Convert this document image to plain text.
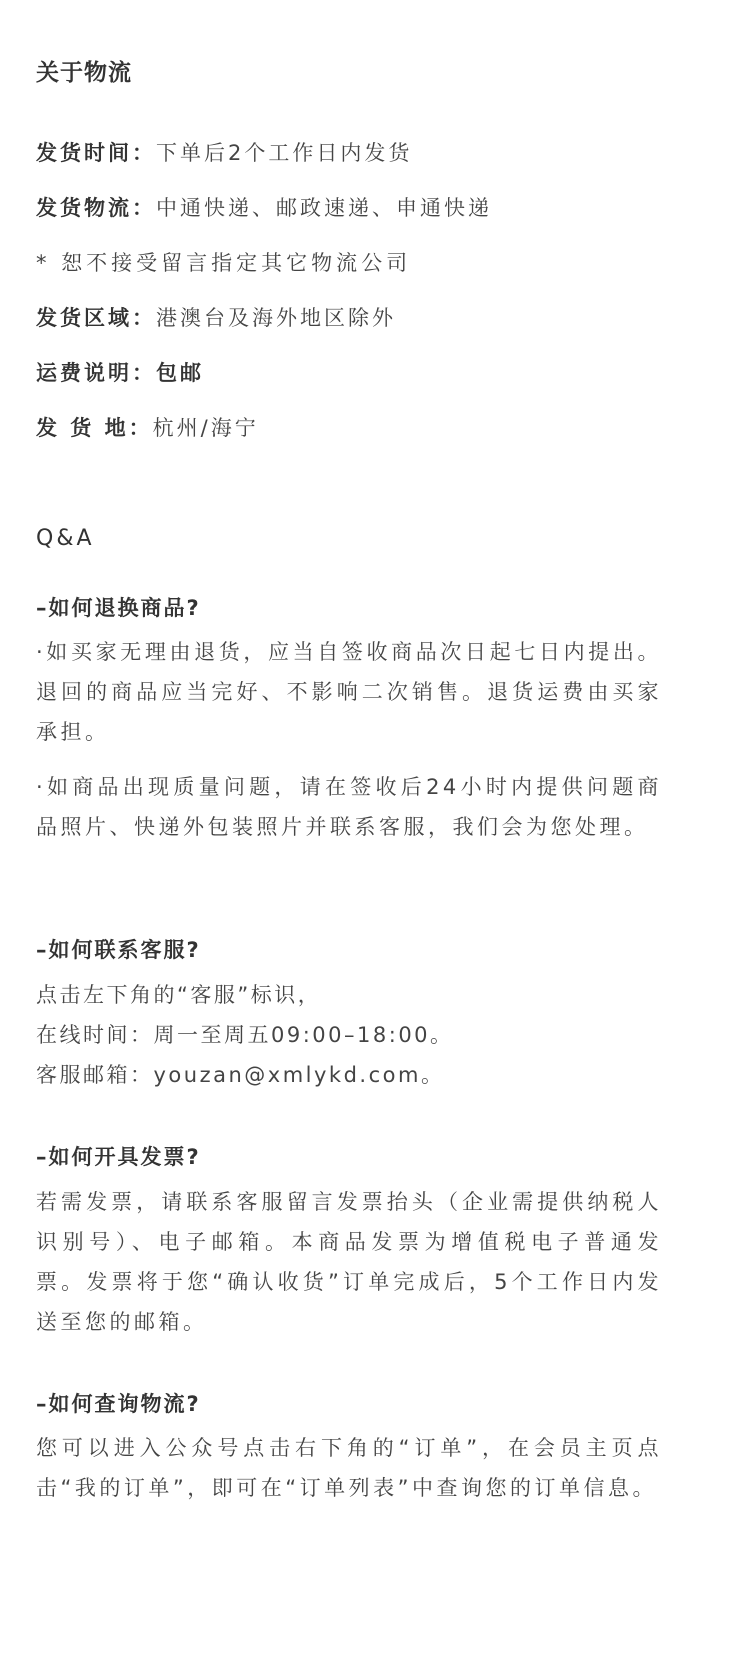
关于物流
发货时间：下单后2个工作日内发货
发货物流：中通快递、邮政速递、申通快递
* 恕不接受留言指定其它物流公司
发货区域：港澳台及海外地区除外
运费说明：包邮
发 货 地：杭州/海宁
Q&A
–如何退换商品?
·如买家无理由退货，应当自签收商品次日起七日内提出。退回的商品应当完好、不影响二次销售。退货运费由买家承担。
·如商品出现质量问题，请在签收后24小时内提供问题商品照片、快递外包装照片并联系客服，我们会为您处理。
–如何联系客服?
点击左下角的“客服”标识，
在线时间：周一至周五09:00–18:00。
客服邮箱：youzan@xmlykd.com。
–如何开具发票?
若需发票，请联系客服留言发票抬头（企业需提供纳税人识别号）、电子邮箱。本商品发票为增值税电子普通发票。发票将于您“确认收货”订单完成后，5个工作日内发送至您的邮箱。
–如何查询物流?
您可以进入公众号点击右下角的“订单”，在会员主页点击“我的订单”，即可在“订单列表”中查询您的订单信息。
